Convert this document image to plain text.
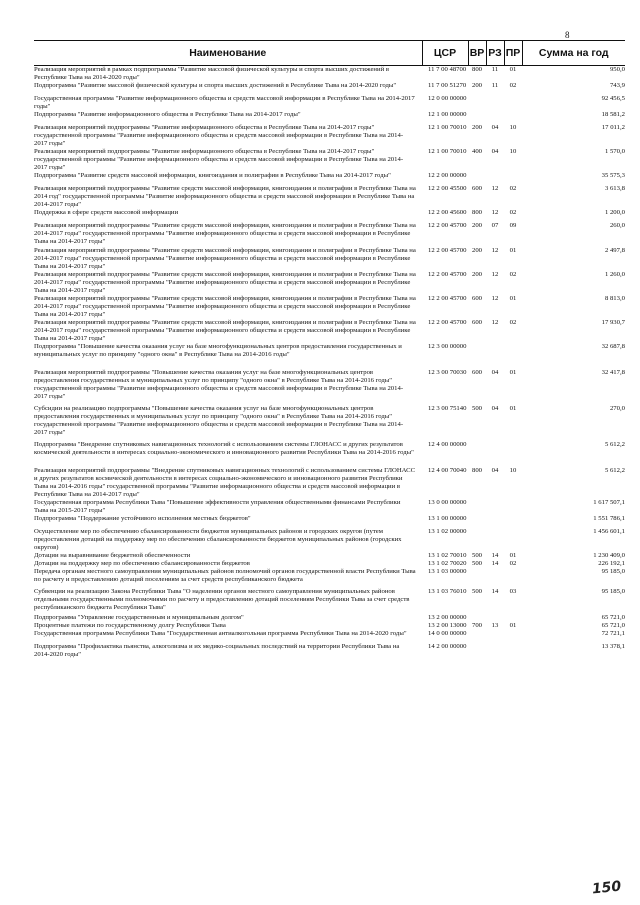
8
Наименование	ЦСР	ВР	РЗ	ПР	Сумма на год
Реализация мероприятий в рамках подпрограммы "Развитие массовой физической культуры и спорта высших достижений в Республике Тыва на 2014-2020 годы"	11 7 00 48700	800	11	01	950,0
Подпрограмма "Развитие массовой физической культуры и спорта высших достижений в Республике Тыва на 2014-2020 годы"	11 7 00 51270	200	11	02	743,9
Государственная программа "Развитие информационного общества и средств массовой информации в Республике Тыва на 2014-2017 годы"	12 0 00 00000				92 456,5
Подпрограмма "Развитие информационного общества в Республике Тыва на 2014-2017 годы"	12 1 00 00000				18 581,2
Реализация мероприятий подпрограммы "Развитие информационного общества в Республике Тыва на 2014-2017 годы" государственной программы "Развитие информационного общества и средств массовой информации в Республике Тыва на 2014-2017 годы"	12 1 00 70010	200	04	10	17 011,2
Реализация мероприятий подпрограммы "Развитие информационного общества в Республике Тыва на 2014-2017 годы" государственной программы "Развитие информационного общества и средств массовой информации в Республике Тыва на 2014-2017 годы"	12 1 00 70010	400	04	10	1 570,0
Подпрограмма "Развитие средств массовой информации, книгоиздания и полиграфии в Республике Тыва на 2014-2017 годы"	12 2 00 00000				35 575,3
Реализация мероприятий подпрограммы "Развитие средств массовой информации, книгоиздания и полиграфии в Республике Тыва на 2014 год" государственной программы "Развитие информационного общества и средств массовой информации в Республике Тыва на 2014-2017 годы"	12 2 00 45500	600	12	02	3 613,8
Поддержка в сфере средств массовой информации	12 2 00 45600	800	12	02	1 200,0
Реализация мероприятий подпрограммы "Развитие средств массовой информации, книгоиздания и полиграфии в Республике Тыва на 2014-2017 годы" государственной программы "Развитие информационного общества и средств массовой информации в Республике Тыва на 2014-2017 годы"	12 2 00 45700	200	07	09	260,0
Реализация мероприятий подпрограммы "Развитие средств массовой информации, книгоиздания и полиграфии в Республике Тыва на 2014-2017 годы" государственной программы "Развитие информационного общества и средств массовой информации в Республике Тыва на 2014-2017 годы"	12 2 00 45700	200	12	01	2 497,8
Реализация мероприятий подпрограммы "Развитие средств массовой информации, книгоиздания и полиграфии в Республике Тыва на 2014-2017 годы" государственной программы "Развитие информационного общества и средств массовой информации в Республике Тыва на 2014-2017 годы"	12 2 00 45700	200	12	02	1 260,0
Реализация мероприятий подпрограммы "Развитие средств массовой информации, книгоиздания и полиграфии в Республике Тыва на 2014-2017 годы" государственной программы "Развитие информационного общества и средств массовой информации в Республике Тыва на 2014-2017 годы"	12 2 00 45700	600	12	01	8 813,0
Реализация мероприятий подпрограммы "Развитие средств массовой информации, книгоиздания и полиграфии в Республике Тыва на 2014-2017 годы" государственной программы "Развитие информационного общества и средств массовой информации в Республике Тыва на 2014-2017 годы"	12 2 00 45700	600	12	02	17 930,7
Подпрограмма "Повышение качества оказания услуг на базе многофункциональных центров предоставления государственных и муниципальных услуг по принципу "одного окна" в Республике Тыва на 2014-2016 годы"	12 3 00 00000				32 687,8
Реализация мероприятий подпрограммы "Повышение качества оказания услуг на базе многофункциональных центров предоставления государственных и муниципальных услуг по принципу "одного окна" в Республике Тыва на 2014-2016 годы" государственной программы "Развитие информационного общества и средств массовой информации в Республике Тыва на 2014-2017 годы"	12 3 00 70030	600	04	01	32 417,8
Субсидии на реализацию подпрограммы "Повышение качества оказания услуг на базе многофункциональных центров предоставления государственных и муниципальных услуг по принципу "одного окна" в Республике Тыва на 2014-2016 годы" государственной программы "Развитие информационного общества и средств массовой информации в Республике Тыва на 2014-2017 годы"	12 3 00 75140	500	04	01	270,0
Подпрограмма "Внедрение спутниковых навигационных технологий с использованием системы ГЛОНАСС и других результатов космической деятельности в интересах социально-экономического и инновационного развития Республики Тыва на 2014-2016 годы"	12 4 00 00000				5 612,2
Реализация мероприятий подпрограммы "Внедрение спутниковых навигационных технологий с использованием системы ГЛОНАСС и других результатов космической деятельности в интересах социально-экономического и инновационного развития Республики Тыва на 2014-2016 годы" государственной программы "Развитие информационного общества и средств массовой информации в Республике Тыва на 2014-2017 годы"	12 4 00 70040	800	04	10	5 612,2
Государственная программа Республики Тыва "Повышение эффективности управления общественными финансами Республики Тыва на 2015-2017 годы"	13 0 00 00000				1 617 507,1
Подпрограмма "Поддержание устойчивого исполнения местных бюджетов"	13 1 00 00000				1 551 786,1
Осуществление мер по обеспечению сбалансированности бюджетов муниципальных районов и городских округов (путем предоставления дотаций на поддержку мер по обеспечению сбалансированности бюджетов муниципальных районов (городских округов)	13 1 02 00000				1 456 601,1
Дотации на выравнивание бюджетной обеспеченности	13 1 02 70010	500	14	01	1 230 409,0
Дотации на поддержку мер по обеспечению сбалансированности бюджетов	13 1 02 70020	500	14	02	226 192,1
Передача органам местного самоуправления муниципальных районов полномочий органов государственной власти Республики Тыва по расчету и предоставлению дотаций поселениям за счет средств республиканского бюджета	13 1 03 00000				95 185,0
Субвенции на реализацию Закона Республики Тыва "О наделении органов местного самоуправления муниципальных районов отдельными государственными полномочиями по расчету и предоставлению дотаций поселениям Республики Тыва за счет средств республиканского бюджета Республики Тыва"	13 1 03 76010	500	14	03	95 185,0
Подпрограмма "Управление государственным и муниципальным долгом"	13 2 00 00000				65 721,0
Процентные платежи по государственному долгу Республики Тыва	13 2 00 13000	700	13	01	65 721,0
Государственная программа Республики Тыва "Государственная антиалкогольная программа Республики Тыва на 2014-2020 годы"	14 0 00 00000				72 721,1
Подпрограмма "Профилактика пьянства, алкоголизма и их медико-социальных последствий на территории Республики Тыва на 2014-2020 годы"	14 2 00 00000				13 378,1
150
